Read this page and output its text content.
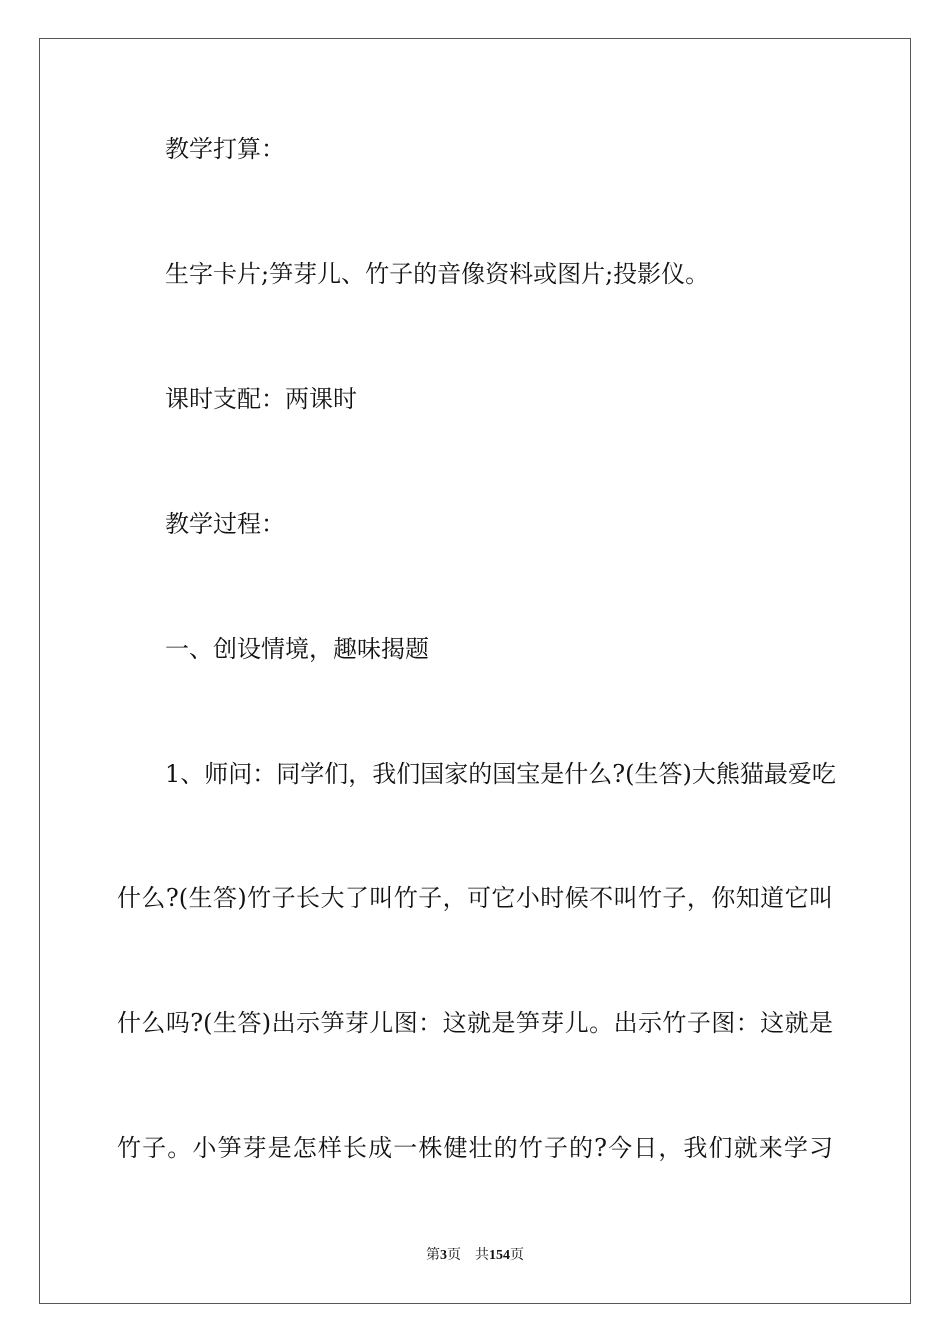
教学打算：
生字卡片;笋芽儿、竹子的音像资料或图片;投影仪。
课时支配：两课时
教学过程：
一、创设情境，趣味揭题
1、师问：同学们，我们国家的国宝是什么?(生答)大熊猫最爱吃
什么?(生答)竹子长大了叫竹子，可它小时候不叫竹子，你知道它叫
什么吗?(生答)出示笋芽儿图：这就是笋芽儿。出示竹子图：这就是
竹子。小笋芽是怎样长成一株健壮的竹子的?今日，我们就来学习
第3页 共154页
